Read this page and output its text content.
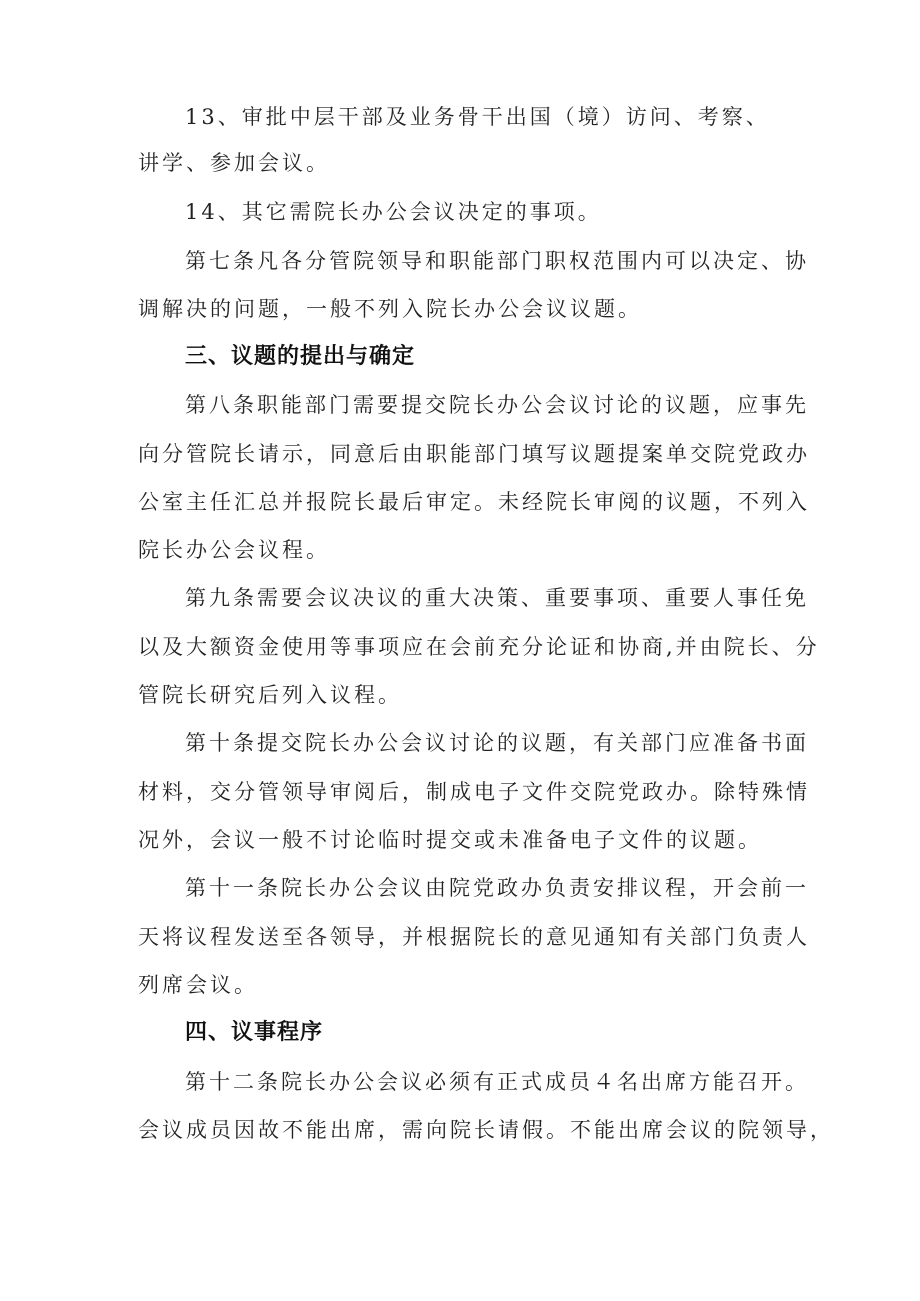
13、审批中层干部及业务骨干出国（境）访问、考察、
讲学、参加会议。
14、其它需院长办公会议决定的事项。
第七条凡各分管院领导和职能部门职权范围内可以决定、协
调解决的问题，一般不列入院长办公会议议题。
三、议题的提出与确定
第八条职能部门需要提交院长办公会议讨论的议题，应事先
向分管院长请示，同意后由职能部门填写议题提案单交院党政办
公室主任汇总并报院长最后审定。未经院长审阅的议题，不列入
院长办公会议程。
第九条需要会议决议的重大决策、重要事项、重要人事任免
以及大额资金使用等事项应在会前充分论证和协商,并由院长、分
管院长研究后列入议程。
第十条提交院长办公会议讨论的议题，有关部门应准备书面
材料，交分管领导审阅后，制成电子文件交院党政办。除特殊情
况外，会议一般不讨论临时提交或未准备电子文件的议题。
第十一条院长办公会议由院党政办负责安排议程，开会前一
天将议程发送至各领导，并根据院长的意见通知有关部门负责人
列席会议。
四、议事程序
第十二条院长办公会议必须有正式成员４名出席方能召开。
会议成员因故不能出席，需向院长请假。不能出席会议的院领导，
